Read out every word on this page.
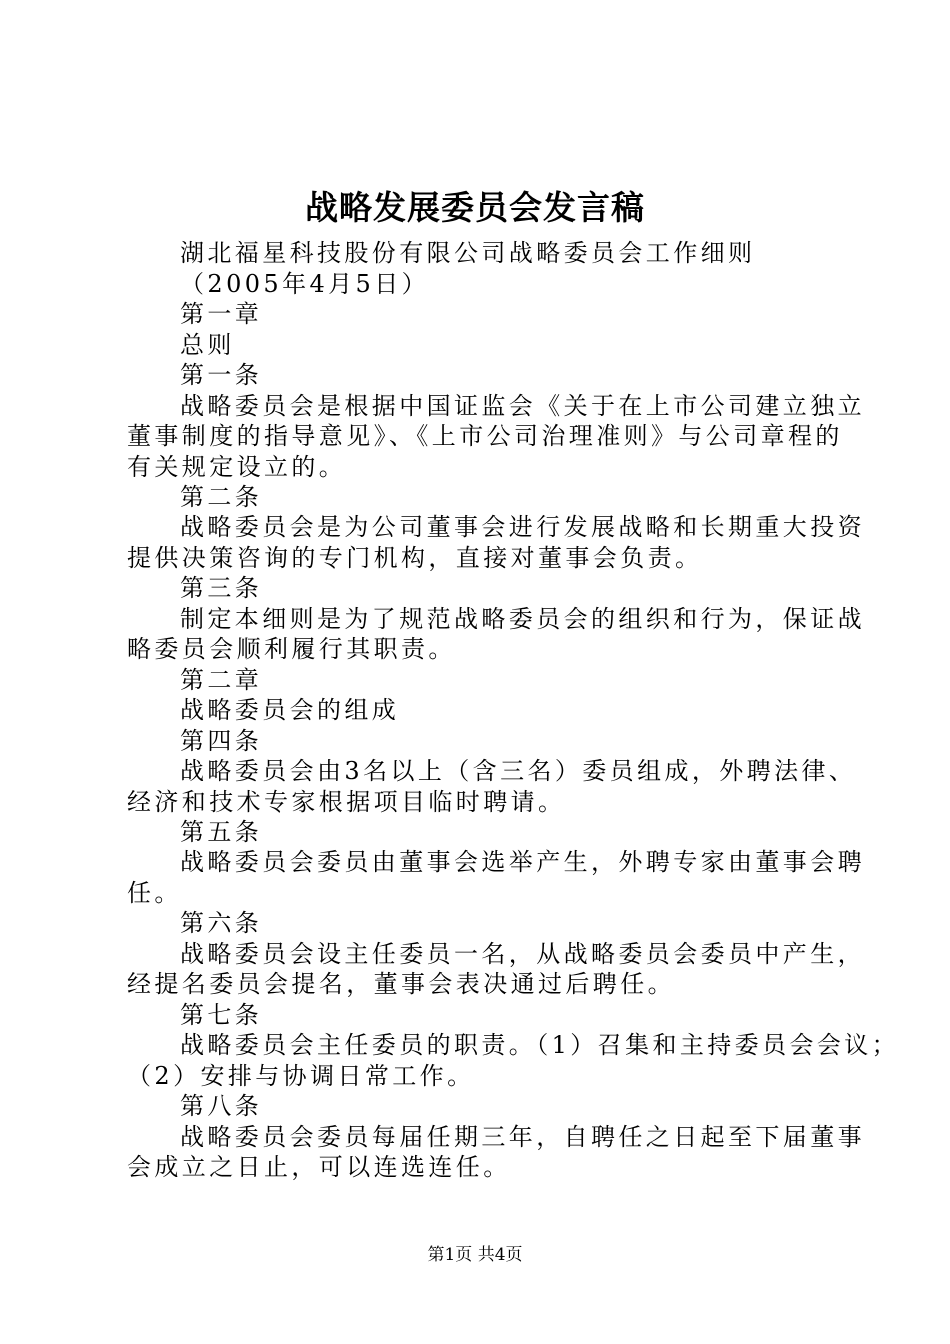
战略发展委员会发言稿
湖北福星科技股份有限公司战略委员会工作细则
（2005年4月5日）
第一章
总则
第一条
战略委员会是根据中国证监会《关于在上市公司建立独立
董事制度的指导意见》、《上市公司治理准则》与公司章程的
有关规定设立的。
第二条
战略委员会是为公司董事会进行发展战略和长期重大投资
提供决策咨询的专门机构，直接对董事会负责。
第三条
制定本细则是为了规范战略委员会的组织和行为，保证战
略委员会顺利履行其职责。
第二章
战略委员会的组成
第四条
战略委员会由3名以上（含三名）委员组成，外聘法律、
经济和技术专家根据项目临时聘请。
第五条
战略委员会委员由董事会选举产生，外聘专家由董事会聘
任。
第六条
战略委员会设主任委员一名，从战略委员会委员中产生，
经提名委员会提名，董事会表决通过后聘任。
第七条
战略委员会主任委员的职责。（1）召集和主持委员会会议；
（2）安排与协调日常工作。
第八条
战略委员会委员每届任期三年，自聘任之日起至下届董事
会成立之日止，可以连选连任。
第1页 共4页
